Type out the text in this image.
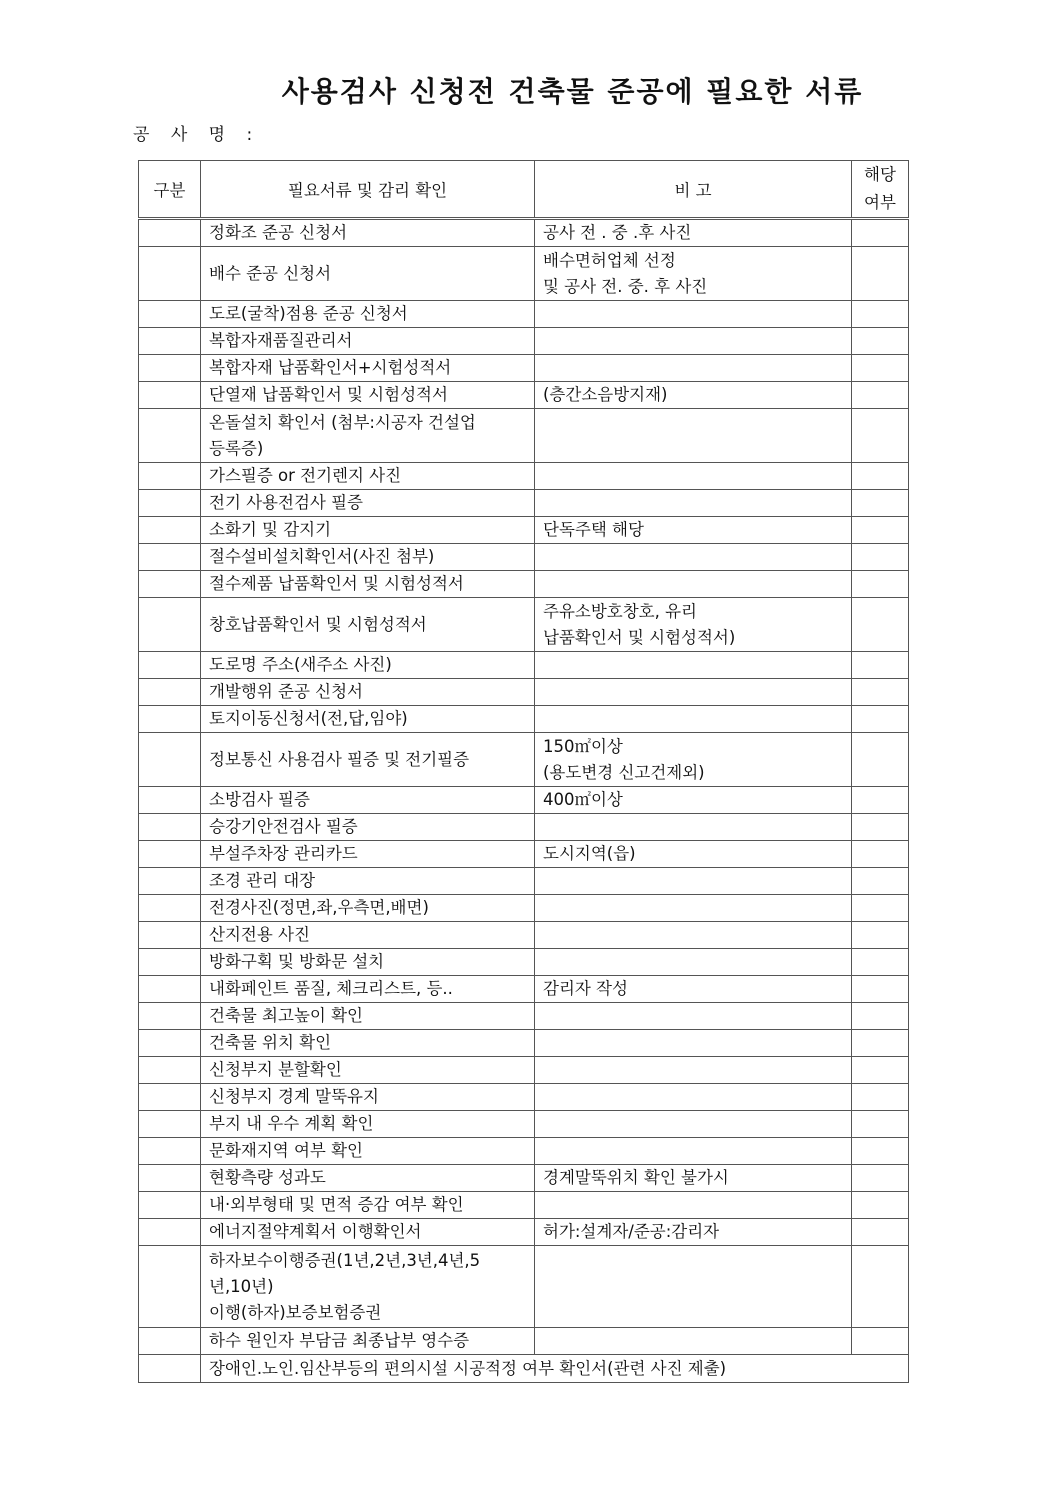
사용검사 신청전 건축물 준공에 필요한 서류
공 사 명 :
구분	필요서류 및 감리 확인	비 고	해당
여부

	정화조 준공 신청서	공사 전 . 중 .후 사진	

	배수 준공 신청서	배수면허업체 선정
및 공사 전. 중. 후 사진	

	도로(굴착)점용 준공 신청서		

	복합자재품질관리서		

	복합자재 납품확인서+시험성적서		

	단열재 납품확인서 및 시험성적서	(층간소음방지재)	

	온돌설치 확인서 (첨부:시공자 건설업
등록증)		

	가스필증 or 전기렌지 사진		

	전기 사용전검사 필증		

	소화기 및 감지기	단독주택 해당	

	절수설비설치확인서(사진 첨부)		

	절수제품 납품확인서 및 시험성적서		

	창호납품확인서 및 시험성적서	주유소방호창호, 유리
납품확인서 및 시험성적서)	

	도로명 주소(새주소 사진)		

	개발행위 준공 신청서		

	토지이동신청서(전,답,임야)		

	정보통신 사용검사 필증 및 전기필증	150㎡이상
(용도변경 신고건제외)	

	소방검사 필증	400㎡이상	

	승강기안전검사 필증		

	부설주차장 관리카드	도시지역(읍)	

	조경 관리 대장		

	전경사진(정면,좌,우측면,배면)		

	산지전용 사진		

	방화구획 및 방화문 설치		

	내화페인트 품질, 체크리스트, 등..	감리자 작성	

	건축물 최고높이 확인		

	건축물 위치 확인		

	신청부지 분할확인		

	신청부지 경계 말뚝유지		

	부지 내 우수 계획 확인		

	문화재지역 여부 확인		

	현황측량 성과도	경계말뚝위치 확인 불가시	

	내·외부형태 및 면적 증감 여부 확인		

	에너지절약계획서 이행확인서	허가:설계자/준공:감리자	

	하자보수이행증권(1년,2년,3년,4년,5
년,10년)
이행(하자)보증보험증권		

	하수 원인자 부담금 최종납부 영수증		

	장애인.노인.임산부등의 편의시설 시공적정 여부 확인서(관련 사진 제출)		
